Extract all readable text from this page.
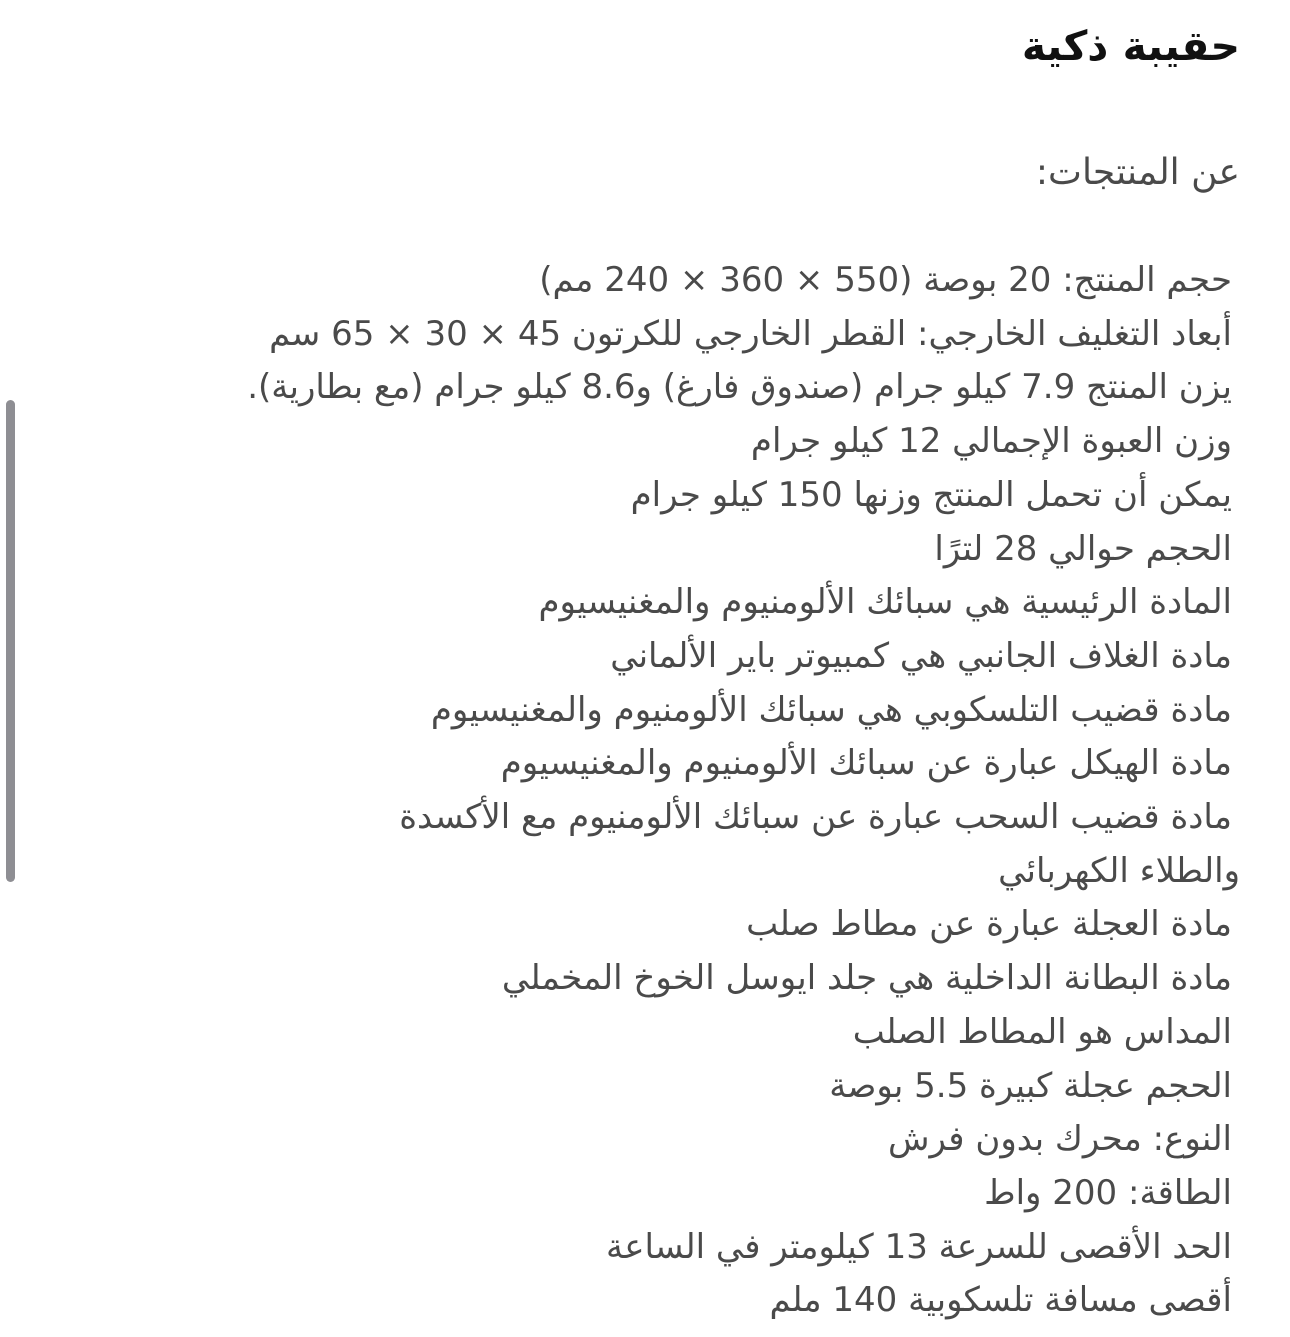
حقيبة ذكية
عن المنتجات:
حجم المنتج: 20 بوصة (550 × 360 × 240 مم)
أبعاد التغليف الخارجي: القطر الخارجي للكرتون 45 × 30 × 65 سم
يزن المنتج 7.9 كيلو جرام (صندوق فارغ) و8.6 كيلو جرام (مع بطارية).
وزن العبوة الإجمالي 12 كيلو جرام
يمكن أن تحمل المنتج وزنها 150 كيلو جرام
الحجم حوالي 28 لترًا
المادة الرئيسية هي سبائك الألومنيوم والمغنيسيوم
مادة الغلاف الجانبي هي كمبيوتر باير الألماني
مادة قضيب التلسكوبي هي سبائك الألومنيوم والمغنيسيوم
مادة الهيكل عبارة عن سبائك الألومنيوم والمغنيسيوم
مادة قضيب السحب عبارة عن سبائك الألومنيوم مع الأكسدة
والطلاء الكهربائي
مادة العجلة عبارة عن مطاط صلب
مادة البطانة الداخلية هي جلد ايوسل الخوخ المخملي
المداس هو المطاط الصلب
الحجم عجلة كبيرة 5.5 بوصة
النوع: محرك بدون فرش
الطاقة: 200 واط
الحد الأقصى للسرعة 13 كيلومتر في الساعة
أقصى مسافة تلسكوبية 140 ملم
